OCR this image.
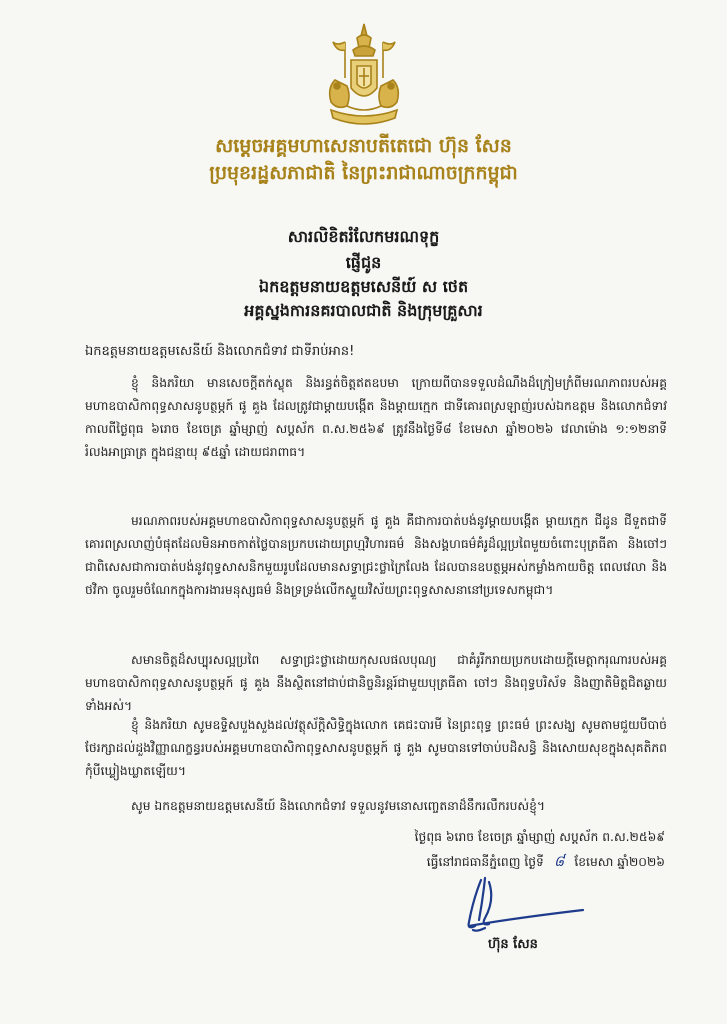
សម្តេចអគ្គមហាសេនាបតីតេជោ ហ៊ុន សែន
ប្រមុខរដ្ឋសភាជាតិ នៃព្រះរាជាណាចក្រកម្ពុជា
សារលិខិតរំលែកមរណទុក្ខ
ផ្ញើជូន
ឯកឧត្តមនាយឧត្តមសេនីយ៍ ស ថេត
អគ្គស្នងការនគរបាលជាតិ និងក្រុមគ្រួសារ
ឯកឧត្តមនាយឧត្តមសេនីយ៍ និងលោកជំទាវ ជាទីរាប់អាន!
ខ្ញុំ និងភរិយា មានសេចក្តីតក់ស្លុត និងរន្ធត់ចិត្តឥតឧបមា ក្រោយពីបានទទួលដំណឹងដ៏ក្រៀមក្រំពីមរណភាពរបស់អគ្គមហាឧបាសិកាពុទ្ធសាសនូបត្ថម្ភក៍ ផូ គួង ដែលត្រូវជាម្តាយបង្កើត និងម្តាយក្មេក ជាទីគោរពស្រឡាញ់របស់ឯកឧត្តម និងលោកជំទាវ កាលពីថ្ងៃពុធ ៦រោច ខែចេត្រ ឆ្នាំម្សាញ់ សប្តស័ក ព.ស.២៥៦៩ ត្រូវនឹងថ្ងៃទី៨ ខែមេសា ឆ្នាំ២០២៦ វេលាម៉ោង ១:១២នាទីរំលងអាធ្រាត្រ ក្នុងជន្មាយុ ៩៥ឆ្នាំ ដោយជរាពាធ។
មរណភាពរបស់អគ្គមហាឧបាសិកាពុទ្ធសាសនូបត្ថម្ភក៍ ផូ គួង គឺជាការបាត់បង់នូវម្តាយបង្កើត ម្តាយក្មេក ជីដូន ជីទួតជាទីគោរពស្រលាញ់បំផុតដែលមិនអាចកាត់ថ្លៃបានប្រកបដោយព្រហ្មវិហារធម៌ និងសង្គហធម៌គំរូដ៏ល្អប្រពៃមួយចំពោះបុត្រធីតា និងចៅៗ ជាពិសេសជាការបាត់បង់នូវពុទ្ធសាសនិកមួយរូបដែលមានសទ្ធាជ្រះថ្លាក្រៃលែង ដែលបានឧបត្ថម្ភអស់កម្លាំងកាយចិត្ត ពេលវេលា និងថវិកា ចូលរួមចំណែកក្នុងការងារមនុស្សធម៌ និងទ្រទ្រង់លើកស្ទួយវិស័យព្រះពុទ្ធសាសនានៅប្រទេសកម្ពុជា។
សមានចិត្តដ៏សប្បុរសល្អប្រពៃ សទ្ធាជ្រះថ្លាដោយកុសលផលបុណ្យ ជាគំរូរីករាយប្រកបដោយក្តីមេត្តាករុណារបស់អគ្គមហាឧបាសិកាពុទ្ធសាសនូបត្ថម្ភក៍ ផូ គួង នឹងស្ថិតនៅជាប់ជានិច្ចនិរន្តរ៍ជាមួយបុត្រធីតា ចៅៗ និងពុទ្ធបរិស័ទ និងញាតិមិត្តជិតឆ្ងាយទាំងអស់។
ខ្ញុំ និងភរិយា សូមឧទ្ទិសបួងសួងដល់វត្ថុស័ក្តិសិទ្ធិក្នុងលោក គេជះបារមី នៃព្រះពុទ្ធ ព្រះធម៌ ព្រះសង្ឃ សូមតាមជួយបីបាច់ថែរក្សាដល់ដួងវិញ្ញាណក្ខន្ធរបស់អគ្គមហាឧបាសិកាពុទ្ធសាសនូបត្ថម្ភក៍ ផូ គួង សូមបានទៅចាប់បដិសន្ធិ និងសោយសុខក្នុងសុគតិភពកុំបីឃ្លៀងឃ្លាតឡើយ។
សូម ឯកឧត្តមនាយឧត្តមសេនីយ៍ និងលោកជំទាវ ទទួលនូវមនោសញ្ចេតនាដ៏នឹករលឹករបស់ខ្ញុំ។
ថ្ងៃពុធ ៦រោច ខែចេត្រ ឆ្នាំម្សាញ់ សប្តស័ក ព.ស.២៥៦៩
ធ្វើនៅរាជធានីភ្នំពេញ ថ្ងៃទី ៨ ខែមេសា ឆ្នាំ២០២៦
ហ៊ុន សែន
